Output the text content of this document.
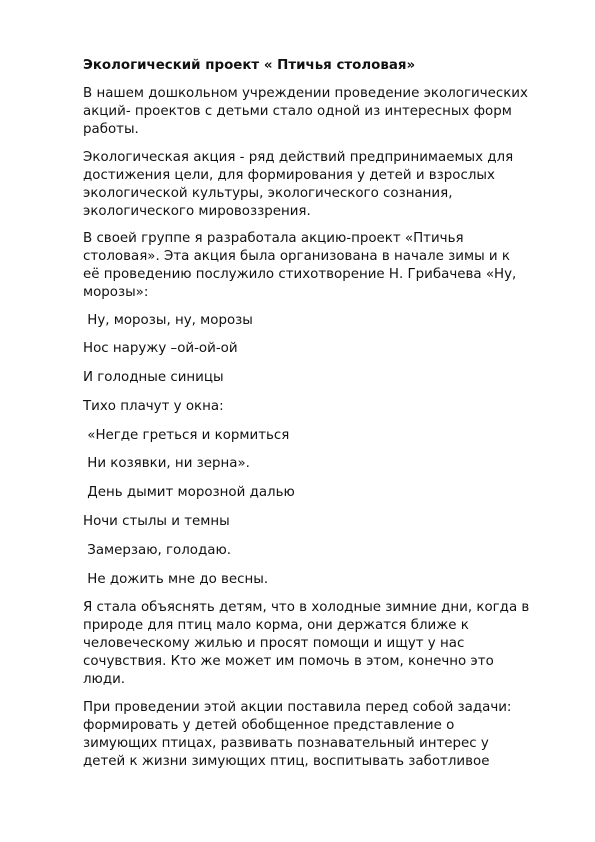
Экологический проект « Птичья столовая»
В нашем дошкольном учреждении проведение экологических
акций- проектов с детьми стало одной из интересных форм
работы.
Экологическая акция - ряд действий предпринимаемых для
достижения цели, для формирования у детей и взрослых
экологической культуры, экологического сознания,
экологического мировоззрения.
В своей группе я разработала акцию-проект «Птичья
столовая». Эта акция была организована в начале зимы и к
её проведению послужило стихотворение Н. Грибачева «Ну,
морозы»:
Ну, морозы, ну, морозы
Нос наружу –ой-ой-ой
И голодные синицы
Тихо плачут у окна:
«Негде греться и кормиться
Ни козявки, ни зерна».
День дымит морозной далью
Ночи стылы и темны
Замерзаю, голодаю.
Не дожить мне до весны.
Я стала объяснять детям, что в холодные зимние дни, когда в
природе для птиц мало корма, они держатся ближе к
человеческому жилью и просят помощи и ищут у нас
сочувствия. Кто же может им помочь в этом, конечно это
люди.
При проведении этой акции поставила перед собой задачи:
формировать у детей обобщенное представление о
зимующих птицах, развивать познавательный интерес у
детей к жизни зимующих птиц, воспитывать заботливое
